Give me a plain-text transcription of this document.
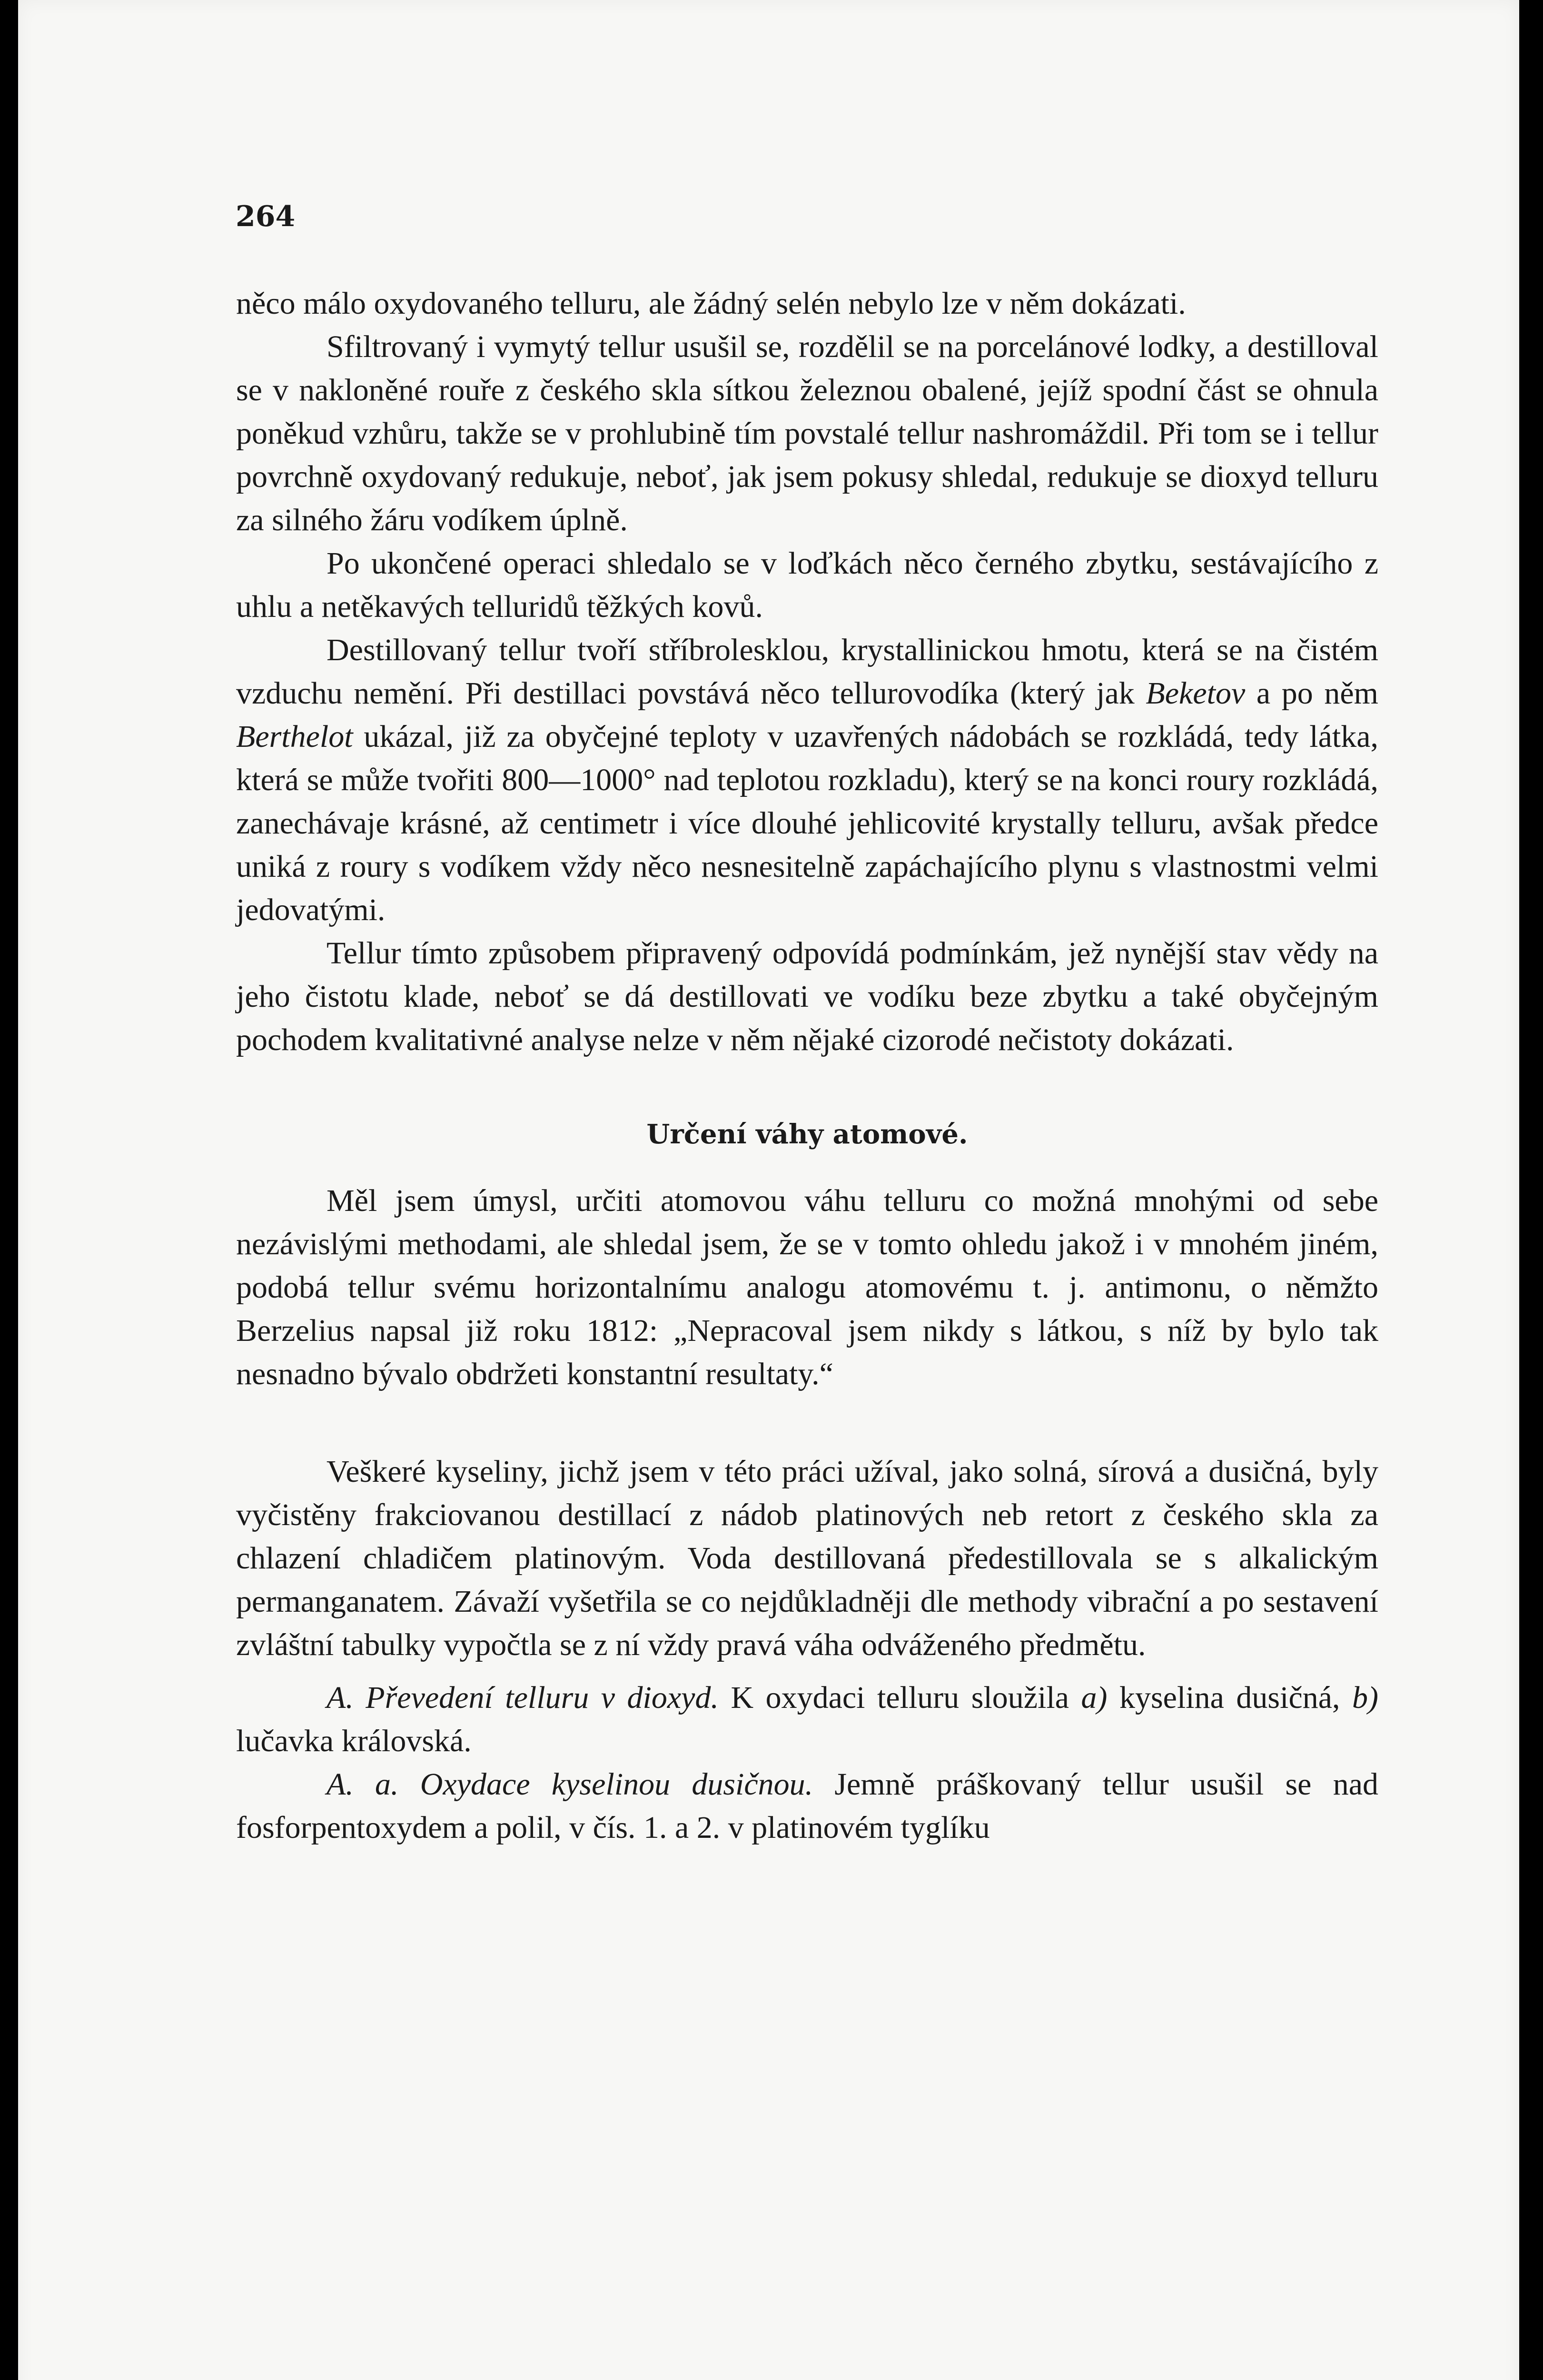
264

něco málo oxydovaného telluru, ale žádný selén nebylo lze v něm dokázati.

Sfiltrovaný i vymytý tellur usušil se, rozdělil se na porcelánové lodky, a destilloval se v nakloněné rouře z českého skla sítkou železnou obalené, jejíž spodní část se ohnula poněkud vzhůru, takže se v prohlubině tím povstalé tellur nashromáždil. Při tom se i tellur povrchně oxydovaný redukuje, neboť, jak jsem pokusy shledal, redukuje se dioxyd telluru za silného žáru vodíkem úplně.

Po ukončené operaci shledalo se v loďkách něco černého zbytku, sestávajícího z uhlu a netěkavých telluridů těžkých kovů.

Destillovaný tellur tvoří stříbrolesklou, krystallinickou hmotu, která se na čistém vzduchu nemění. Při destillaci povstává něco tellurovodíka (který jak Beketov a po něm Berthelot ukázal, již za obyčejné teploty v uzavřených nádobách se rozkládá, tedy látka, která se může tvořiti 800—1000° nad teplotou rozkladu), který se na konci roury rozkládá, zanechávaje krásné, až centimetr i více dlouhé jehlicovité krystally telluru, avšak předce uniká z roury s vodíkem vždy něco nesnesitelně zapáchajícího plynu s vlastnostmi velmi jedovatými.

Tellur tímto způsobem připravený odpovídá podmínkám, jež nynější stav vědy na jeho čistotu klade, neboť se dá destillovati ve vodíku beze zbytku a také obyčejným pochodem kvalitativné analyse nelze v něm nějaké cizorodé nečistoty dokázati.

Určení váhy atomové.

Měl jsem úmysl, určiti atomovou váhu telluru co možná mnohými od sebe nezávislými methodami, ale shledal jsem, že se v tomto ohledu jakož i v mnohém jiném, podobá tellur svému horizontalnímu analogu atomovému t. j. antimonu, o němžto Berzelius napsal již roku 1812: „Nepracoval jsem nikdy s látkou, s níž by bylo tak nesnadno bývalo obdržeti konstantní resultaty.“

Veškeré kyseliny, jichž jsem v této práci užíval, jako solná, sírová a dusičná, byly vyčistěny frakciovanou destillací z nádob platinových neb retort z českého skla za chlazení chladičem platinovým. Voda destillovaná předestillovala se s alkalickým permanganatem. Závaží vyšetřila se co nejdůkladněji dle methody vibrační a po sestavení zvláštní tabulky vypočtla se z ní vždy pravá váha odváženého předmětu.

A. Převedení telluru v dioxyd. K oxydaci telluru sloužila a) kyselina dusičná, b) lučavka královská.

A. a. Oxydace kyselinou dusičnou. Jemně práškovaný tellur usušil se nad fosforpentoxydem a polil, v čís. 1. a 2. v platinovém tyglíku
